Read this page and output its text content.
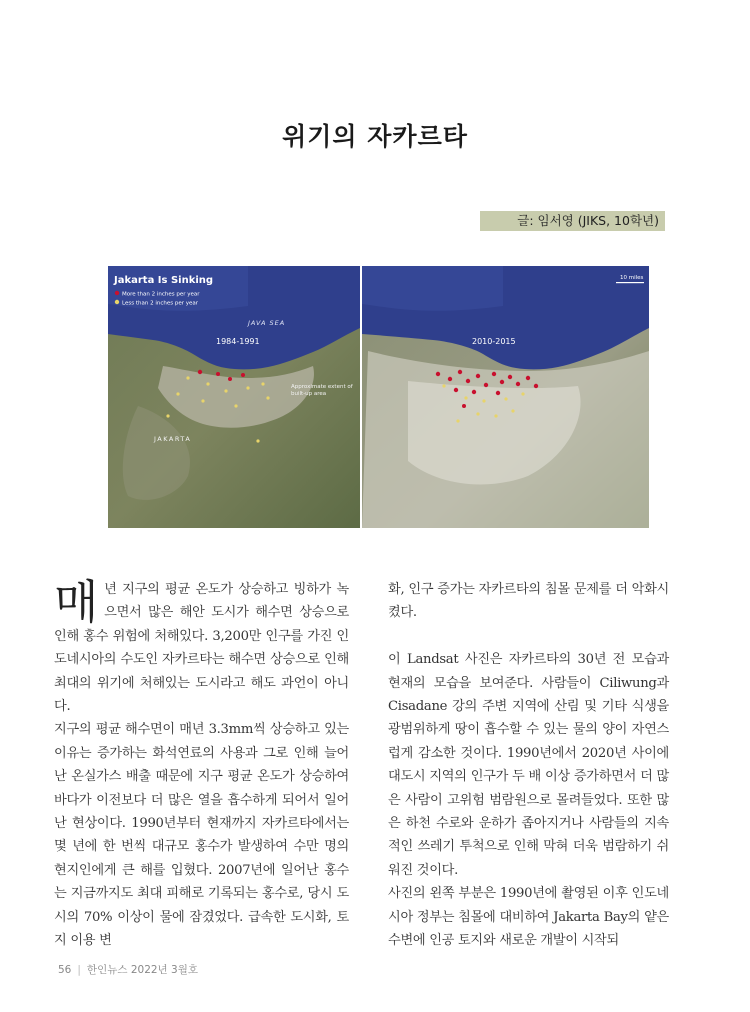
위기의 자카르타
글: 임서영 (JIKS, 10학년)
Jakarta Is Sinking
More than 2 inches per year
Less than 2 inches per year
JAVA SEA
1984-1991
Approximate extent of
built-up area
JAKARTA
10 miles
2010-2015

매년 지구의 평균 온도가 상승하고 빙하가 녹으면서 많은 해안 도시가 해수면 상승으로 인해 홍수 위험에 처해있다. 3,200만 인구를 가진 인도네시아의 수도인 자카르타는 해수면 상승으로 인해 최대의 위기에 처해있는 도시라고 해도 과언이 아니다.

지구의 평균 해수면이 매년 3.3mm씩 상승하고 있는 이유는 증가하는 화석연료의 사용과 그로 인해 늘어난 온실가스 배출 때문에 지구 평균 온도가 상승하여 바다가 이전보다 더 많은 열을 흡수하게 되어서 일어난 현상이다. 1990년부터 현재까지 자카르타에서는 몇 년에 한 번씩 대규모 홍수가 발생하여 수만 명의 현지인에게 큰 해를 입혔다. 2007년에 일어난 홍수는 지금까지도 최대 피해로 기록되는 홍수로, 당시 도시의 70% 이상이 물에 잠겼었다. 급속한 도시화, 토지 이용 변

화, 인구 증가는 자카르타의 침몰 문제를 더 악화시켰다.

이 Landsat 사진은 자카르타의 30년 전 모습과 현재의 모습을 보여준다. 사람들이 Ciliwung과 Cisadane 강의 주변 지역에 산림 및 기타 식생을 광범위하게 땅이 흡수할 수 있는 물의 양이 자연스럽게 감소한 것이다. 1990년에서 2020년 사이에 대도시 지역의 인구가 두 배 이상 증가하면서 더 많은 사람이 고위험 범람원으로 몰려들었다. 또한 많은 하천 수로와 운하가 좁아지거나 사람들의 지속적인 쓰레기 투척으로 인해 막혀 더욱 범람하기 쉬워진 것이다.

사진의 왼쪽 부분은 1990년에 촬영된 이후 인도네시아 정부는 침몰에 대비하여 Jakarta Bay의 얕은 수변에 인공 토지와 새로운 개발이 시작되

56 | 한인뉴스 2022년 3월호
